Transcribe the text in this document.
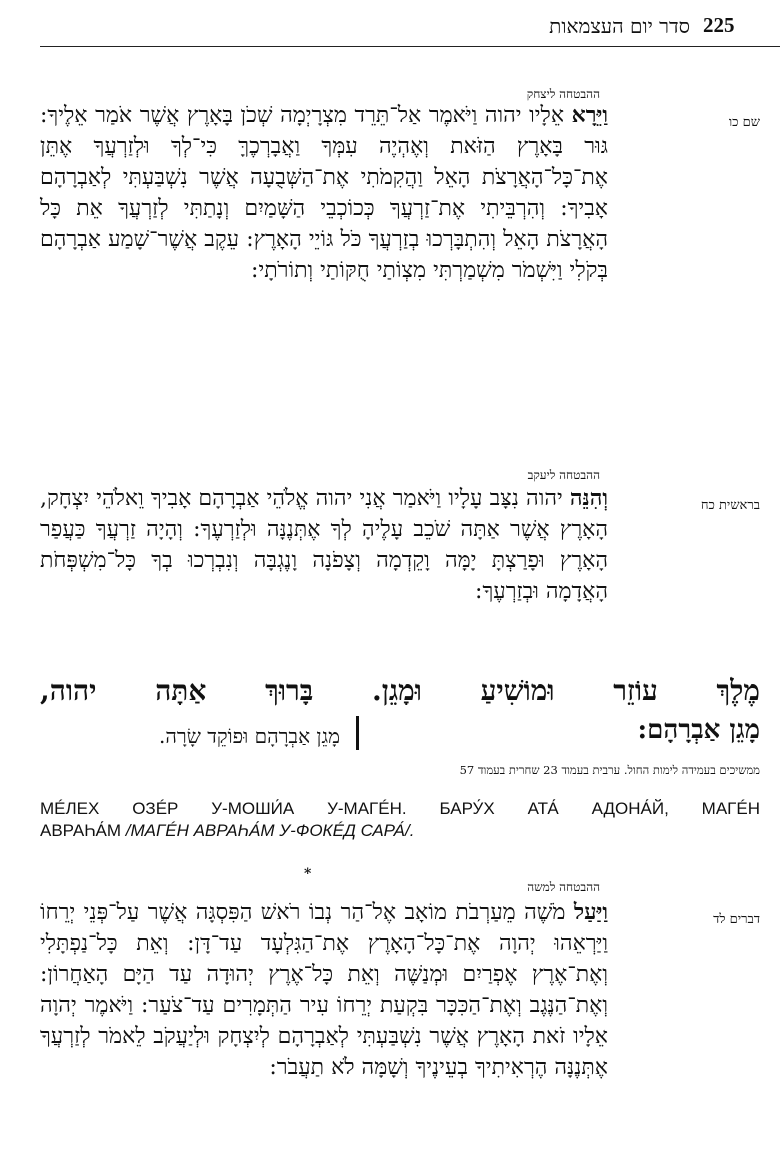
225
סדר יום העצמאות
ההבטחה ליצחק
שם כו
וַיֵּרָא אֵלָיו יהוה וַיֹּאמֶר אַל־תֵּרֵד מִצְרָיְמָה שְׁכֹן בָּאָרֶץ אֲשֶׁר אֹמַר אֵלֶיךָ: גּוּר בָּאָרֶץ הַזֹּאת וְאֶהְיֶה עִמְּךָ וַאֲבָרְכֶךָּ כִּי־לְךָ וּלְזַרְעֲךָ אֶתֵּן אֶת־כָּל־הָאֲרָצֹת הָאֵל וַהֲקִמֹתִי אֶת־הַשְּׁבֻעָה אֲשֶׁר נִשְׁבַּעְתִּי לְאַבְרָהָם אָבִיךָ: וְהִרְבֵּיתִי אֶת־זַרְעֲךָ כְּכוֹכְבֵי הַשָּׁמַיִם וְנָתַתִּי לְזַרְעֲךָ אֵת כָּל הָאֲרָצֹת הָאֵל וְהִתְבָּרְכוּ בְזַרְעֲךָ כֹּל גּוֹיֵי הָאָרֶץ: עֵקֶב אֲשֶׁר־שָׁמַע אַבְרָהָם בְּקֹלִי וַיִּשְׁמֹר מִשְׁמַרְתִּי מִצְוֹתַי חֻקּוֹתַי וְתוֹרֹתָי:
ההבטחה ליעקב
בראשית כח
וְהִנֵּה יהוה נִצָּב עָלָיו וַיֹּאמַר אֲנִי יהוה אֱלֹהֵי אַבְרָהָם אָבִיךָ וֵאלֹהֵי יִצְחָק, הָאָרֶץ אֲשֶׁר אַתָּה שֹׁכֵב עָלֶיהָ לְךָ אֶתְּנֶנָּה וּלְזַרְעֶךָ: וְהָיָה זַרְעֲךָ כַּעֲפַר הָאָרֶץ וּפָרַצְתָּ יָמָּה וָקֵדְמָה וְצָפֹנָה וָנֶגְבָּה וְנִבְרְכוּ בְךָ כָּל־מִשְׁפְּחֹת הָאֲדָמָה וּבְזַרְעֶךָ:
מֶלֶךְ עוֹזֵר וּמוֹשִׁיעַ וּמָגֵן. בָּרוּךְ אַתָּה יהוה,
מָגֵן אַבְרָהָם:
מָגֵן אַבְרָהָם וּפוֹקֵד שָׂרָה.
ממשיכים בעמידה לימות החול. ערבית בעמוד 23 שחרית בעמוד 57
МÉЛЕХ ОЗÉР У-МОШИ́А У-МАГÉН. БАРУ́Х АТА́ АДОНА́Й, МАГÉН
АВРАҺА́М /МАГÉН АВРАҺА́М У-ФОКÉД САРА́/.
*
ההבטחה למשה
דברים לד
וַיַּעַל מֹשֶׁה מֵעַרְבֹת מוֹאָב אֶל־הַר נְבוֹ רֹאשׁ הַפִּסְגָּה אֲשֶׁר עַל־פְּנֵי יְרֵחוֹ וַיַּרְאֵהוּ יְהוָה אֶת־כָּל־הָאָרֶץ אֶת־הַגִּלְעָד עַד־דָּן: וְאֵת כָּל־נַפְתָּלִי וְאֶת־אֶרֶץ אֶפְרַיִם וּמְנַשֶּׁה וְאֵת כָּל־אֶרֶץ יְהוּדָה עַד הַיָּם הָאַחֲרוֹן: וְאֶת־הַנֶּגֶב וְאֶת־הַכִּכָּר בִּקְעַת יְרֵחוֹ עִיר הַתְּמָרִים עַד־צֹעַר: וַיֹּאמֶר יְהוָה אֵלָיו זֹאת הָאָרֶץ אֲשֶׁר נִשְׁבַּעְתִּי לְאַבְרָהָם לְיִצְחָק וּלְיַעֲקֹב לֵאמֹר לְזַרְעֲךָ אֶתְּנֶנָּה הֶרְאִיתִיךָ בְעֵינֶיךָ וְשָׁמָּה לֹא תַעֲבֹר:
